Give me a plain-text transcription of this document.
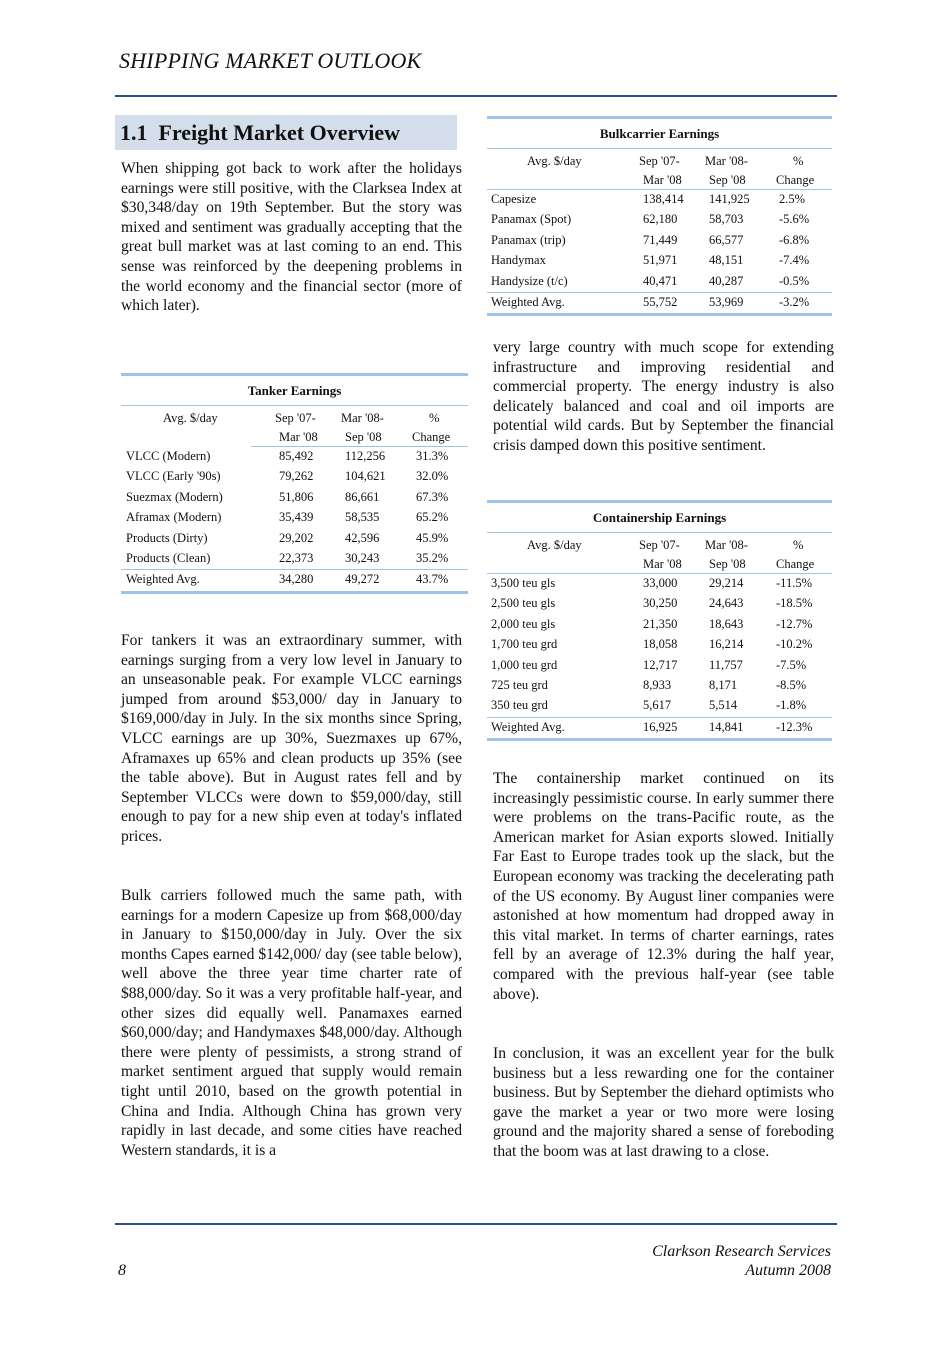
SHIPPING MARKET OUTLOOK
1.1 Freight Market Overview

When shipping got back to work after the holidays earnings were still positive, with the Clarksea Index at $30,348/day on 19th September. But the story was mixed and sentiment was gradually accepting that the great bull market was at last coming to an end. This sense was reinforced by the deepening problems in the world economy and the financial sector (more of which later).

Tanker Earnings
Avg. $/day	Sep '07-
Mar '08
Mar '08-
Sep '08
%
Change
VLCC (Modern)	85,492	112,256 31.3%
VLCC (Early '90s)	79,262	104,621 32.0%
Suezmax (Modern)	51,806	86,661	67.3%
Aframax (Modern)	35,439	58,535	65.2%
Products (Dirty)	29,202	42,596	45.9%
Products (Clean)	22,373	30,243	35.2%
Weighted Avg.	34,280	49,272	43.7%

For tankers it was an extraordinary summer, with earnings surging from a very low level in January to an unseasonable peak. For example VLCC earnings jumped from around $53,000/ day in January to $169,000/day in July. In the six months since Spring, VLCC earnings are up 30%, Suezmaxes up 67%, Aframaxes up 65% and clean products up 35% (see the table above). But in August rates fell and by September VLCCs were down to $59,000/day, still enough to pay for a new ship even at today's inflated prices.

Bulk carriers followed much the same path, with earnings for a modern Capesize up from $68,000/day in January to $150,000/day in July. Over the six months Capes earned $142,000/ day (see table below), well above the three year time charter rate of $88,000/day. So it was a very profitable half-year, and other sizes did equally well. Panamaxes earned $60,000/day; and Handymaxes $48,000/day. Although there were plenty of pessimists, a strong strand of market sentiment argued that supply would remain tight until 2010, based on the growth potential in China and India. Although China has grown very rapidly in last decade, and some cities have reached Western standards, it is a

Bulkcarrier Earnings
Avg. $/day	Sep '07-
Mar '08
Mar '08-
Sep '08
%
Change
Capesize	138,414 141,925 2.5%
Panamax (Spot)	62,180	58,703	-5.6%
Panamax (trip)	71,449	66,577	-6.8%
Handymax	51,971	48,151	-7.4%
Handysize (t/c)	40,471	40,287	-0.5%
Weighted Avg.	55,752	53,969	-3.2%

very large country with much scope for extending infrastructure and improving residential and commercial property. The energy industry is also delicately balanced and coal and oil imports are potential wild cards. But by September the financial crisis damped down this positive sentiment.

Containership Earnings
Avg. $/day	Sep '07-
Mar '08
Mar '08-
Sep '08
%
Change
3,500 teu gls	33,000	29,214	-11.5%
2,500 teu gls	30,250	24,643	-18.5%
2,000 teu gls	21,350	18,643	-12.7%
1,700 teu grd	18,058	16,214	-10.2%
1,000 teu grd	12,717	11,757	-7.5%
725 teu grd	8,933	8,171	-8.5%
350 teu grd	5,617	5,514	-1.8%
Weighted Avg.	16,925	14,841	-12.3%

The containership market continued on its increasingly pessimistic course. In early summer there were problems on the trans-Pacific route, as the American market for Asian exports slowed. Initially Far East to Europe trades took up the slack, but the European economy was tracking the decelerating path of the US economy. By August liner companies were astonished at how momentum had dropped away in this vital market. In terms of charter earnings, rates fell by an average of 12.3% during the half year, compared with the previous half-year (see table above).

In conclusion, it was an excellent year for the bulk business but a less rewarding one for the container business. But by September the diehard optimists who gave the market a year or two more were losing ground and the majority shared a sense of foreboding that the boom was at last drawing to a close.

Clarkson Research Services
Autumn 2008
8
